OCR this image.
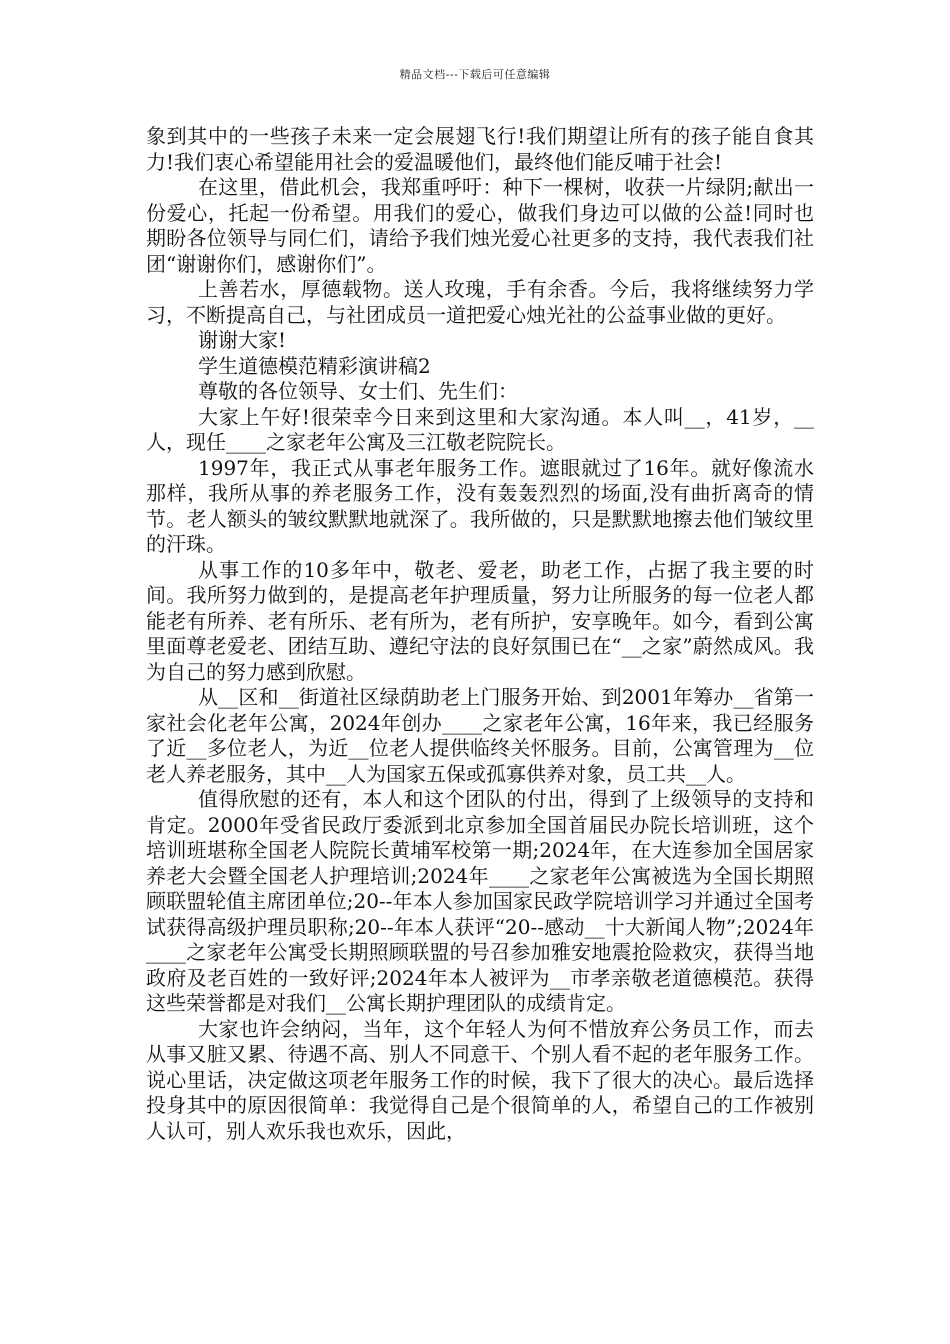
精品文档---下载后可任意编辑

象到其中的一些孩子未来一定会展翅飞行!我们期望让所有的孩子能自食其力!我们衷心希望能用社会的爱温暖他们，最终他们能反哺于社会!

在这里，借此机会，我郑重呼吁：种下一棵树，收获一片绿阴;献出一份爱心，托起一份希望。用我们的爱心，做我们身边可以做的公益!同时也期盼各位领导与同仁们，请给予我们烛光爱心社更多的支持，我代表我们社团“谢谢你们，感谢你们”。

上善若水，厚德载物。送人玫瑰，手有余香。今后，我将继续努力学习，不断提高自己，与社团成员一道把爱心烛光社的公益事业做的更好。

谢谢大家!

学生道德模范精彩演讲稿2

尊敬的各位领导、女士们、先生们：

大家上午好!很荣幸今日来到这里和大家沟通。本人叫__，41岁，__人，现任____之家老年公寓及三江敬老院院长。

1997年，我正式从事老年服务工作。遮眼就过了16年。就好像流水那样，我所从事的养老服务工作，没有轰轰烈烈的场面,没有曲折离奇的情节。老人额头的皱纹默默地就深了。我所做的，只是默默地擦去他们皱纹里的汗珠。

从事工作的10多年中，敬老、爱老，助老工作，占据了我主要的时间。我所努力做到的，是提高老年护理质量，努力让所服务的每一位老人都能老有所养、老有所乐、老有所为，老有所护，安享晚年。如今，看到公寓里面尊老爱老、团结互助、遵纪守法的良好氛围已在“__之家”蔚然成风。我为自己的努力感到欣慰。

从__区和__街道社区绿荫助老上门服务开始、到2001年筹办__省第一家社会化老年公寓，2024年创办____之家老年公寓，16年来，我已经服务了近__多位老人，为近__位老人提供临终关怀服务。目前，公寓管理为__位老人养老服务，其中__人为国家五保或孤寡供养对象，员工共__人。

值得欣慰的还有，本人和这个团队的付出，得到了上级领导的支持和肯定。2000年受省民政厅委派到北京参加全国首届民办院长培训班，这个培训班堪称全国老人院院长黄埔军校第一期;2024年，在大连参加全国居家养老大会暨全国老人护理培训;2024年____之家老年公寓被选为全国长期照顾联盟轮值主席团单位;20--年本人参加国家民政学院培训学习并通过全国考试获得高级护理员职称;20--年本人获评“20--感动__十大新闻人物”;2024年____之家老年公寓受长期照顾联盟的号召参加雅安地震抢险救灾，获得当地政府及老百姓的一致好评;2024年本人被评为__市孝亲敬老道德模范。获得这些荣誉都是对我们__公寓长期护理团队的成绩肯定。

大家也许会纳闷，当年，这个年轻人为何不惜放弃公务员工作，而去从事又脏又累、待遇不高、别人不同意干、个别人看不起的老年服务工作。说心里话，决定做这项老年服务工作的时候，我下了很大的决心。最后选择投身其中的原因很简单：我觉得自己是个很简单的人，希望自己的工作被别人认可，别人欢乐我也欢乐，因此，
